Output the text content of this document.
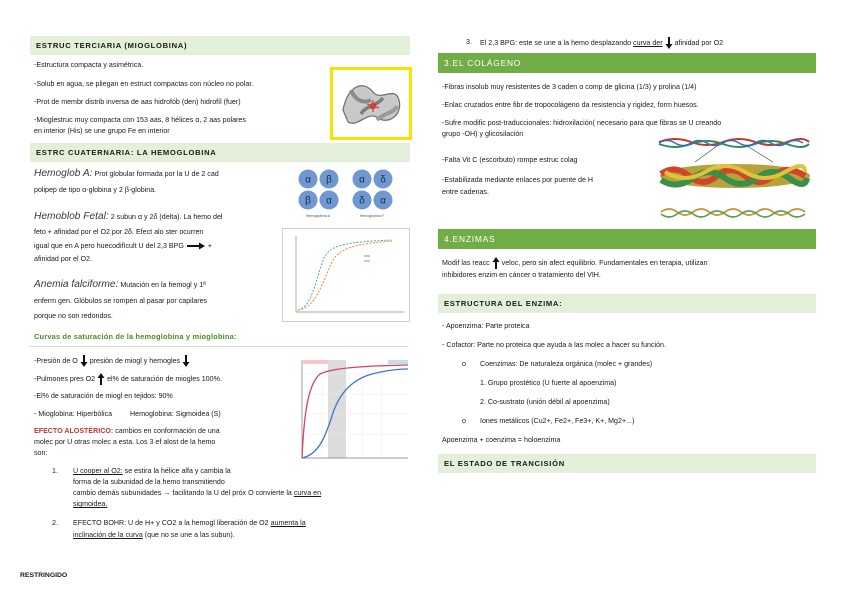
ESTRUC TERCIARIA (MIOGLOBINA)
-Estructura compacta y asimétrica.
-Solub en agua, se pliegan en estruct compactas con núcleo no polar.
-Prot de membr distrib inversa de aas hidrofób (den) hidrofíl (fuer)
-Mioglestruc muy compacta con 153 aas, 8 hélices α, 2 aas polares
en interior (His) se une grupo Fe en interior
ESTRC CUATERNARIA: LA HEMOGLOBINA
Hemoglob A: Prot globular formada por la U de 2 cad
polipep de tipo α-globina y 2 β-globina.
α β
β α
α δ
δ α
Hemoglobina A	Hemoglobina F
Hemoblob Fetal: 2 subun α y 2δ (delta). La hemo del
feto + afinidad por el O2 por 2δ. Efect alo ster ocurren
igual que en A pero huecodifícult U del 2,3 BPG	+
afinidad por el O2.
Anemia falciforme: Mutación en la hemogl y 1ª
enferm gen. Glóbulos se rompen al pasar por capilares
porque no son redondos.
Curvas de saturación de la hemoglobina y mioglobina:
-Presión de O presión de miogl y hemogles
-Pulmones pres O2 el% de saturación de miogles 100%.
-El% de saturación de miogl en tejidos: 90%
- Mioglobina: Hiperbólica	Hemoglobina: Sigmoidea (S)
EFECTO ALOSTÉRICO: cambios en conformación de una
molec por U otras molec a esta. Los 3 ef alost de la hemo
son:
1. U cooper al O2: se estira la hélice alfa y cambia la
forma de la subunidad de la hemo transmitiendo
cambio demás subunidades → facilitando la U del próx O convierte la curva en
sigmoidea.
2. EFECTO BOHR: U de H+ y CO2 a la hemogl liberación de O2 aumenta la
inclinación de la curva (que no se une a las subun).
RESTRINGIDO
3. El 2,3 BPG: este se une a la hemo desplazando curva der afinidad por O2
3.EL COLÁGENO
-Fibras insolub muy resistentes de 3 caden α comp de glicina (1/3) y prolina (1/4)
-Enlac cruzados entre fibr de tropocolágeno da resistencia y rigidez, form huesos.
-Sufre modific post-traduccionales: hidroxilación( necesario para que fibras se U creando
grupo -OH) y glicosilación
-Falta Vit C (escorbuto) rompe estruc colag
-Estabilizada mediante enlaces por puente de H
entre cadenas.
4.ENZIMAS
Modif las reacc veloc, pero sin afect equilibrio. Fundamentales en terapia, utilizan
inhibidores enzim en cáncer o tratamiento del VIH.
ESTRUCTURA DEL ENZIMA:
- Apoenzima: Parte proteica
- Cofactor: Parte no proteica que ayuda a las molec a hacer su función.
o Coenzimas: De naturaleza orgánica (molec + grandes)
1. Grupo prostético (U fuerte al apoenzima)
2. Co-sustrato (unión débil al apoenzima)
o Iones metálicos (Cu2+, Fe2+, Fe3+, K+, Mg2+...)
Apoenzima + coenzima = holoenzima
EL ESTADO DE TRANCISIÓN
